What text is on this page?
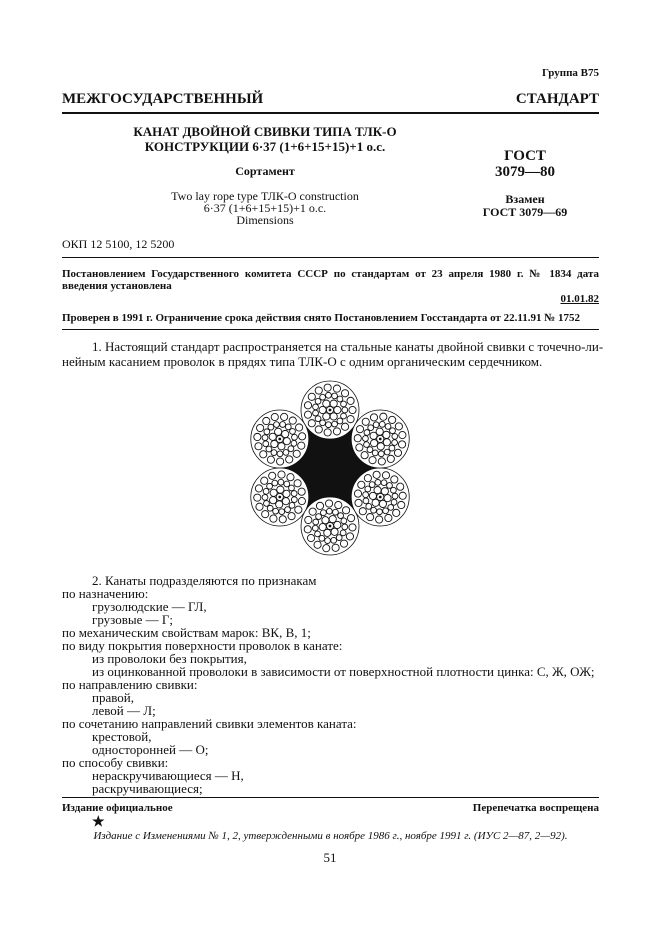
Группа В75
МЕЖГОСУДАРСТВЕННЫЙ СТАНДАРТ
КАНАТ ДВОЙНОЙ СВИВКИ ТИПА ТЛК-О
КОНСТРУКЦИИ 6·37 (1+6+15+15)+1 о.с.
Сортамент
Two lay rope type ТЛК-О construction
6·37 (1+6+15+15)+1 о.с.
Dimensions
ГОСТ
3079—80
Взамен
ГОСТ 3079—69
ОКП 12 5100, 12 5200
Постановлением Государственного комитета СССР по стандартам от 23 апреля 1980 г. № 1834 дата
введения установлена
01.01.82
Проверен в 1991 г. Ограничение срока действия снято Постановлением Госстандарта от 22.11.91 № 1752
1. Настоящий стандарт распространяется на стальные канаты двойной свивки с точечно-ли-
нейным касанием проволок в прядях типа ТЛК-О с одним органическим сердечником.
2. Канаты подразделяются по признакам
по назначению:
грузолюдские — ГЛ,
грузовые — Г;
по механическим свойствам марок: ВК, В, 1;
по виду покрытия поверхности проволок в канате:
из проволоки без покрытия,
из оцинкованной проволоки в зависимости от поверхностной плотности цинка: С, Ж, ОЖ;
по направлению свивки:
правой,
левой — Л;
по сочетанию направлений свивки элементов каната:
крестовой,
односторонней — О;
по способу свивки:
нераскручивающиеся — Н,
раскручивающиеся;
Издание официальное	Перепечатка воспрещена
★
Издание с Изменениями № 1, 2, утвержденными в ноябре 1986 г., ноябре 1991 г. (ИУС 2—87, 2—92).
51
